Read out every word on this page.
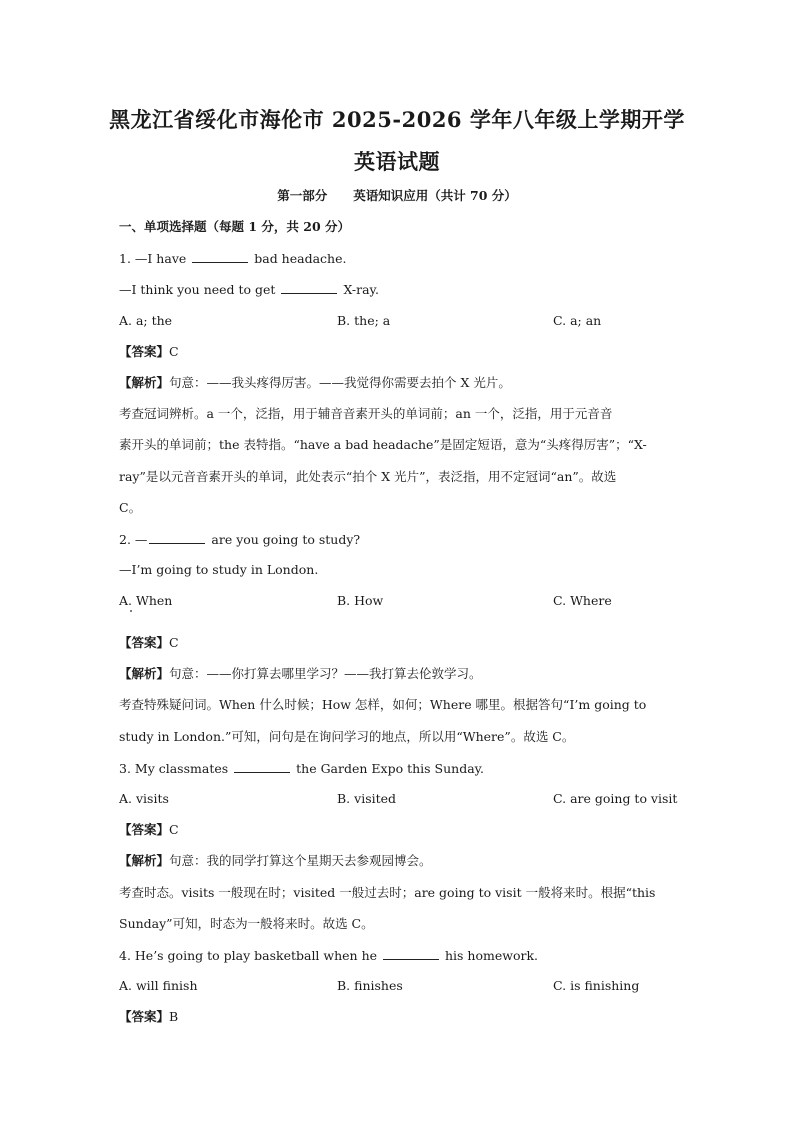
黑龙江省绥化市海伦市 2025-2026 学年八年级上学期开学
英语试题
第一部分 英语知识应用（共计 70 分）
一、单项选择题（每题 1 分，共 20 分）
1. —I have	bad headache.
—I think you need to get	X-ray.
A. a; the	B. the; a	C. a; an
【答案】C
【解析】句意：——我头疼得厉害。——我觉得你需要去拍个 X 光片。
考查冠词辨析。a 一个，泛指，用于辅音音素开头的单词前；an 一个，泛指，用于元音音
素开头的单词前；the 表特指。“have a bad headache”是固定短语，意为“头疼得厉害”；“X-
ray”是以元音音素开头的单词，此处表示“拍个 X 光片”，表泛指，用不定冠词“an”。故选
C。
2. —	are you going to study?
—I’m going to study in London.
A. When	B. How	C. Where
【答案】C
【解析】句意：——你打算去哪里学习？——我打算去伦敦学习。
考查特殊疑问词。When 什么时候；How 怎样，如何；Where 哪里。根据答句“I’m going to
study in London.”可知，问句是在询问学习的地点，所以用“Where”。故选 C。
3. My classmates	the Garden Expo this Sunday.
A. visits	B. visited	C. are going to visit
【答案】C
【解析】句意：我的同学打算这个星期天去参观园博会。
考查时态。visits 一般现在时；visited 一般过去时；are going to visit 一般将来时。根据“this
Sunday”可知，时态为一般将来时。故选 C。
4. He’s going to play basketball when he	his homework.
A. will finish	B. finishes	C. is finishing
【答案】B
